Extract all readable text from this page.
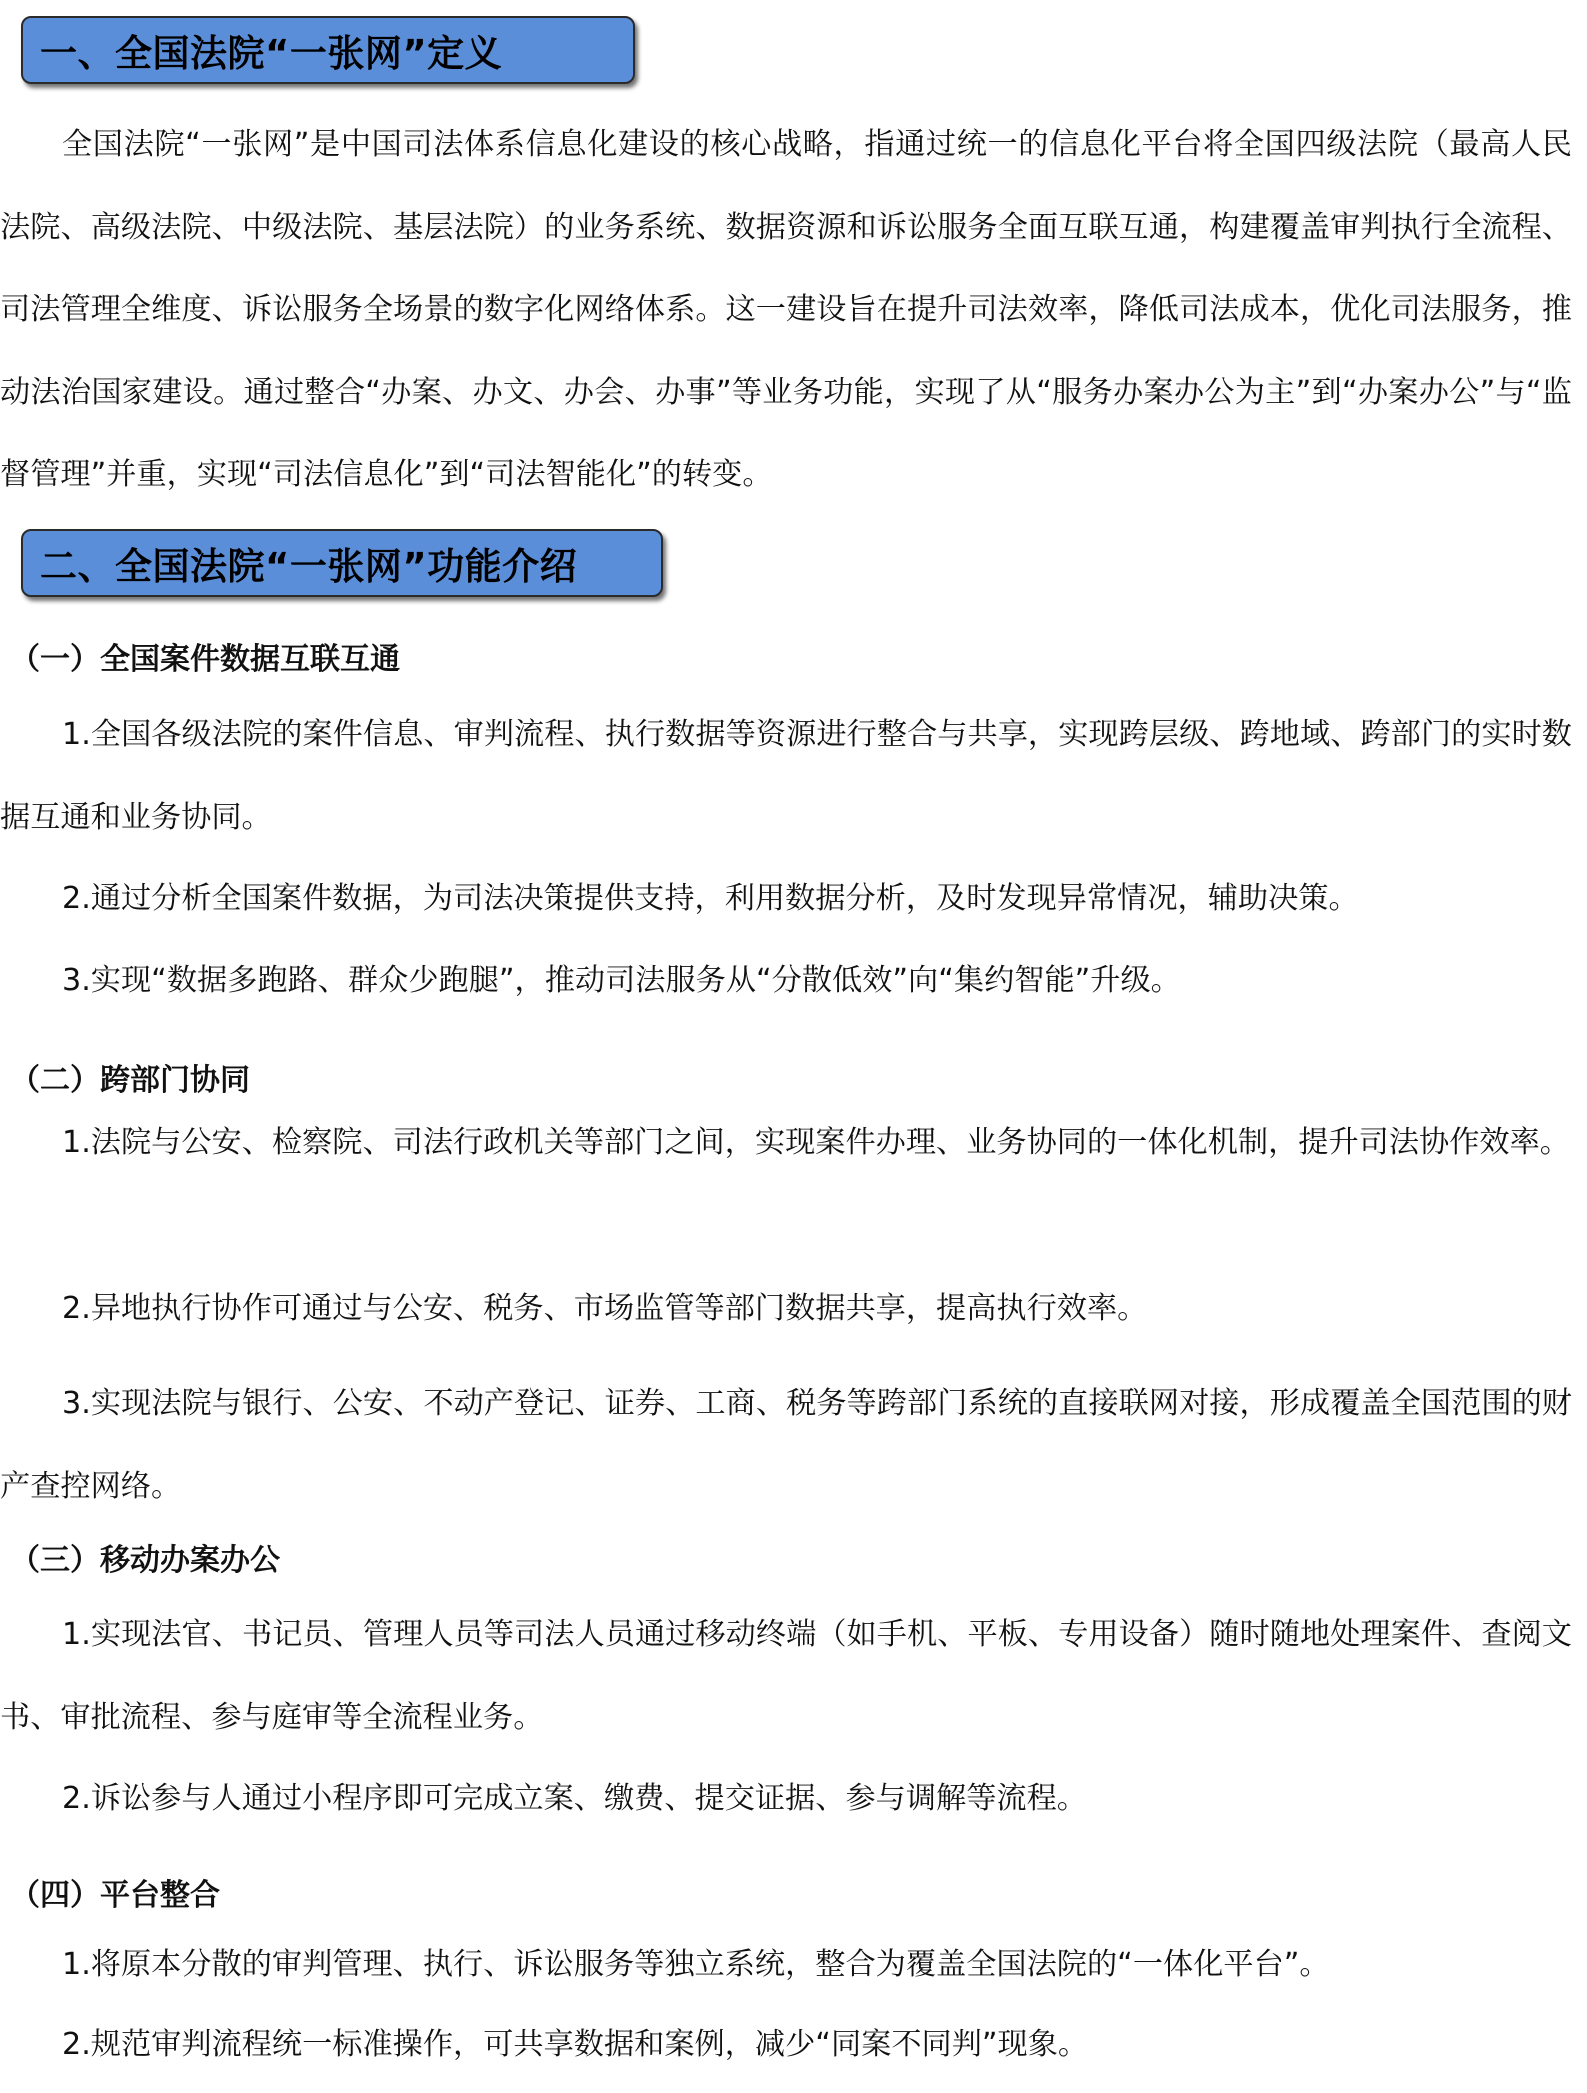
一、全国法院“一张网”定义

全国法院“一张网”是中国司法体系信息化建设的核心战略，指通过统一的信息化平台将全国四级法院（最高人民法院、高级法院、中级法院、基层法院）的业务系统、数据资源和诉讼服务全面互联互通，构建覆盖审判执行全流程、司法管理全维度、诉讼服务全场景的数字化网络体系。这一建设旨在提升司法效率，降低司法成本，优化司法服务，推动法治国家建设。通过整合“办案、办文、办会、办事”等业务功能，实现了从“服务办案办公为主”到“办案办公”与“监督管理”并重，实现“司法信息化”到“司法智能化”的转变。

二、全国法院“一张网”功能介绍
（一）全国案件数据互联互通

1.全国各级法院的案件信息、审判流程、执行数据等资源进行整合与共享，实现跨层级、跨地域、跨部门的实时数据互通和业务协同。

2.通过分析全国案件数据，为司法决策提供支持，利用数据分析，及时发现异常情况，辅助决策。

3.实现“数据多跑路、群众少跑腿”，推动司法服务从“分散低效”向“集约智能”升级。

（二）跨部门协同

1.法院与公安、检察院、司法行政机关等部门之间，实现案件办理、业务协同的一体化机制，提升司法协作效率。

2.异地执行协作可通过与公安、税务、市场监管等部门数据共享，提高执行效率。

3.实现法院与银行、公安、不动产登记、证券、工商、税务等跨部门系统的直接联网对接，形成覆盖全国范围的财产查控网络。

（三）移动办案办公

1.实现法官、书记员、管理人员等司法人员通过移动终端（如手机、平板、专用设备）随时随地处理案件、查阅文书、审批流程、参与庭审等全流程业务。

2.诉讼参与人通过小程序即可完成立案、缴费、提交证据、参与调解等流程。

（四）平台整合

1.将原本分散的审判管理、执行、诉讼服务等独立系统，整合为覆盖全国法院的“一体化平台”。

2.规范审判流程统一标准操作，可共享数据和案例，减少“同案不同判”现象。
